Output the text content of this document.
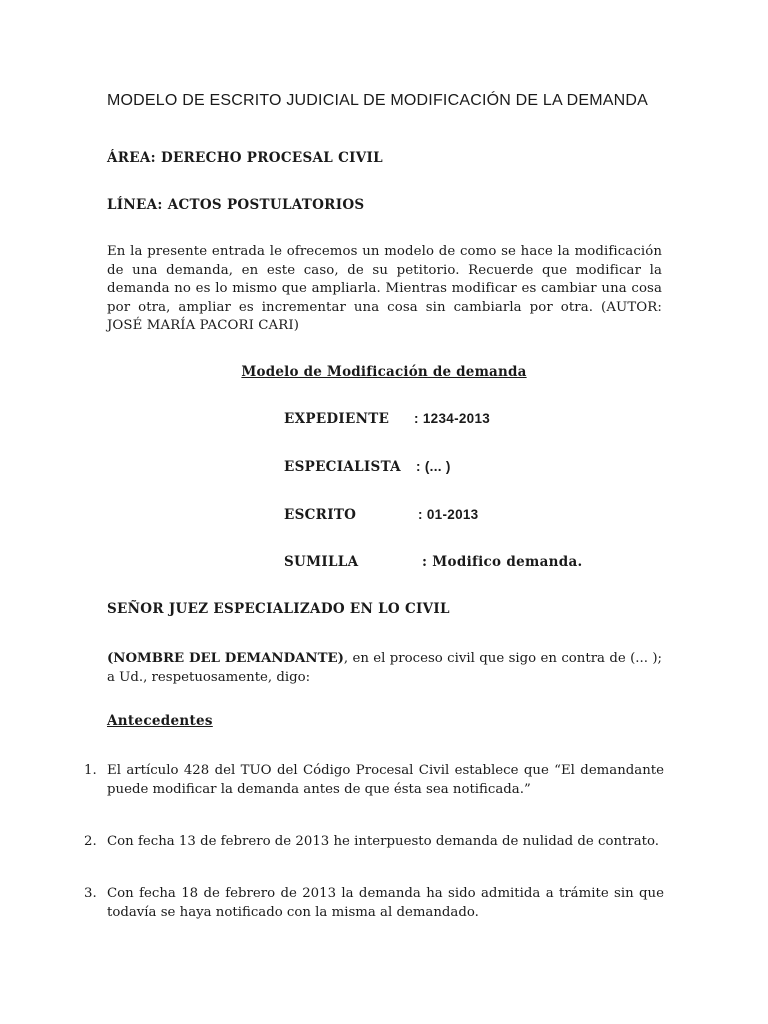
MODELO DE ESCRITO JUDICIAL DE MODIFICACIÓN DE LA DEMANDA
ÁREA: DERECHO PROCESAL CIVIL
LÍNEA: ACTOS POSTULATORIOS
En la presente entrada le ofrecemos un modelo de como se hace la modificación de una demanda, en este caso, de su petitorio. Recuerde que modificar la demanda no es lo mismo que ampliarla. Mientras modificar es cambiar una cosa por otra, ampliar es incrementar una cosa sin cambiarla por otra. (AUTOR: JOSÉ MARÍA PACORI CARI)
Modelo de Modificación de demanda
EXPEDIENTE : 1234-2013
ESPECIALISTA : (... )
ESCRITO	: 01-2013
SUMILLA	: Modifico demanda.
SEÑOR JUEZ ESPECIALIZADO EN LO CIVIL
(NOMBRE DEL DEMANDANTE), en el proceso civil que sigo en contra de (... ); a Ud., respetuosamente, digo:
Antecedentes
1. El artículo 428 del TUO del Código Procesal Civil establece que “El demandante puede modificar la demanda antes de que ésta sea notificada.”
2. Con fecha 13 de febrero de 2013 he interpuesto demanda de nulidad de contrato.
3. Con fecha 18 de febrero de 2013 la demanda ha sido admitida a trámite sin que todavía se haya notificado con la misma al demandado.
